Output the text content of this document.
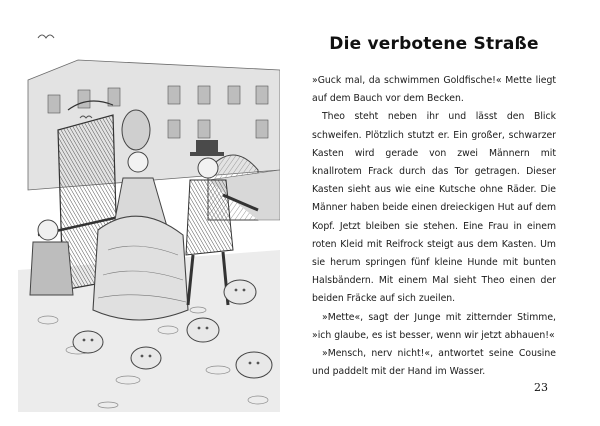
Die verbotene Straße

»Guck mal, da schwimmen Goldfische!« Mette liegt auf dem Bauch vor dem Becken.

Theo steht neben ihr und lässt den Blick schweifen. Plötzlich stutzt er. Ein großer, schwarzer Kasten wird gerade von zwei Männern mit knallrotem Frack durch das Tor getragen. Dieser Kasten sieht aus wie eine Kutsche ohne Räder. Die Männer haben beide einen dreieckigen Hut auf dem Kopf. Jetzt bleiben sie stehen. Eine Frau in einem roten Kleid mit Reifrock steigt aus dem Kasten. Um sie herum springen fünf kleine Hunde mit bunten Halsbändern. Mit einem Mal sieht Theo einen der beiden Fräcke auf sich zueilen.

»Mette«, sagt der Junge mit zitternder Stimme, »ich glaube, es ist besser, wenn wir jetzt abhauen!«

»Mensch, nerv nicht!«, antwortet seine Cousine und paddelt mit der Hand im Wasser.

23
